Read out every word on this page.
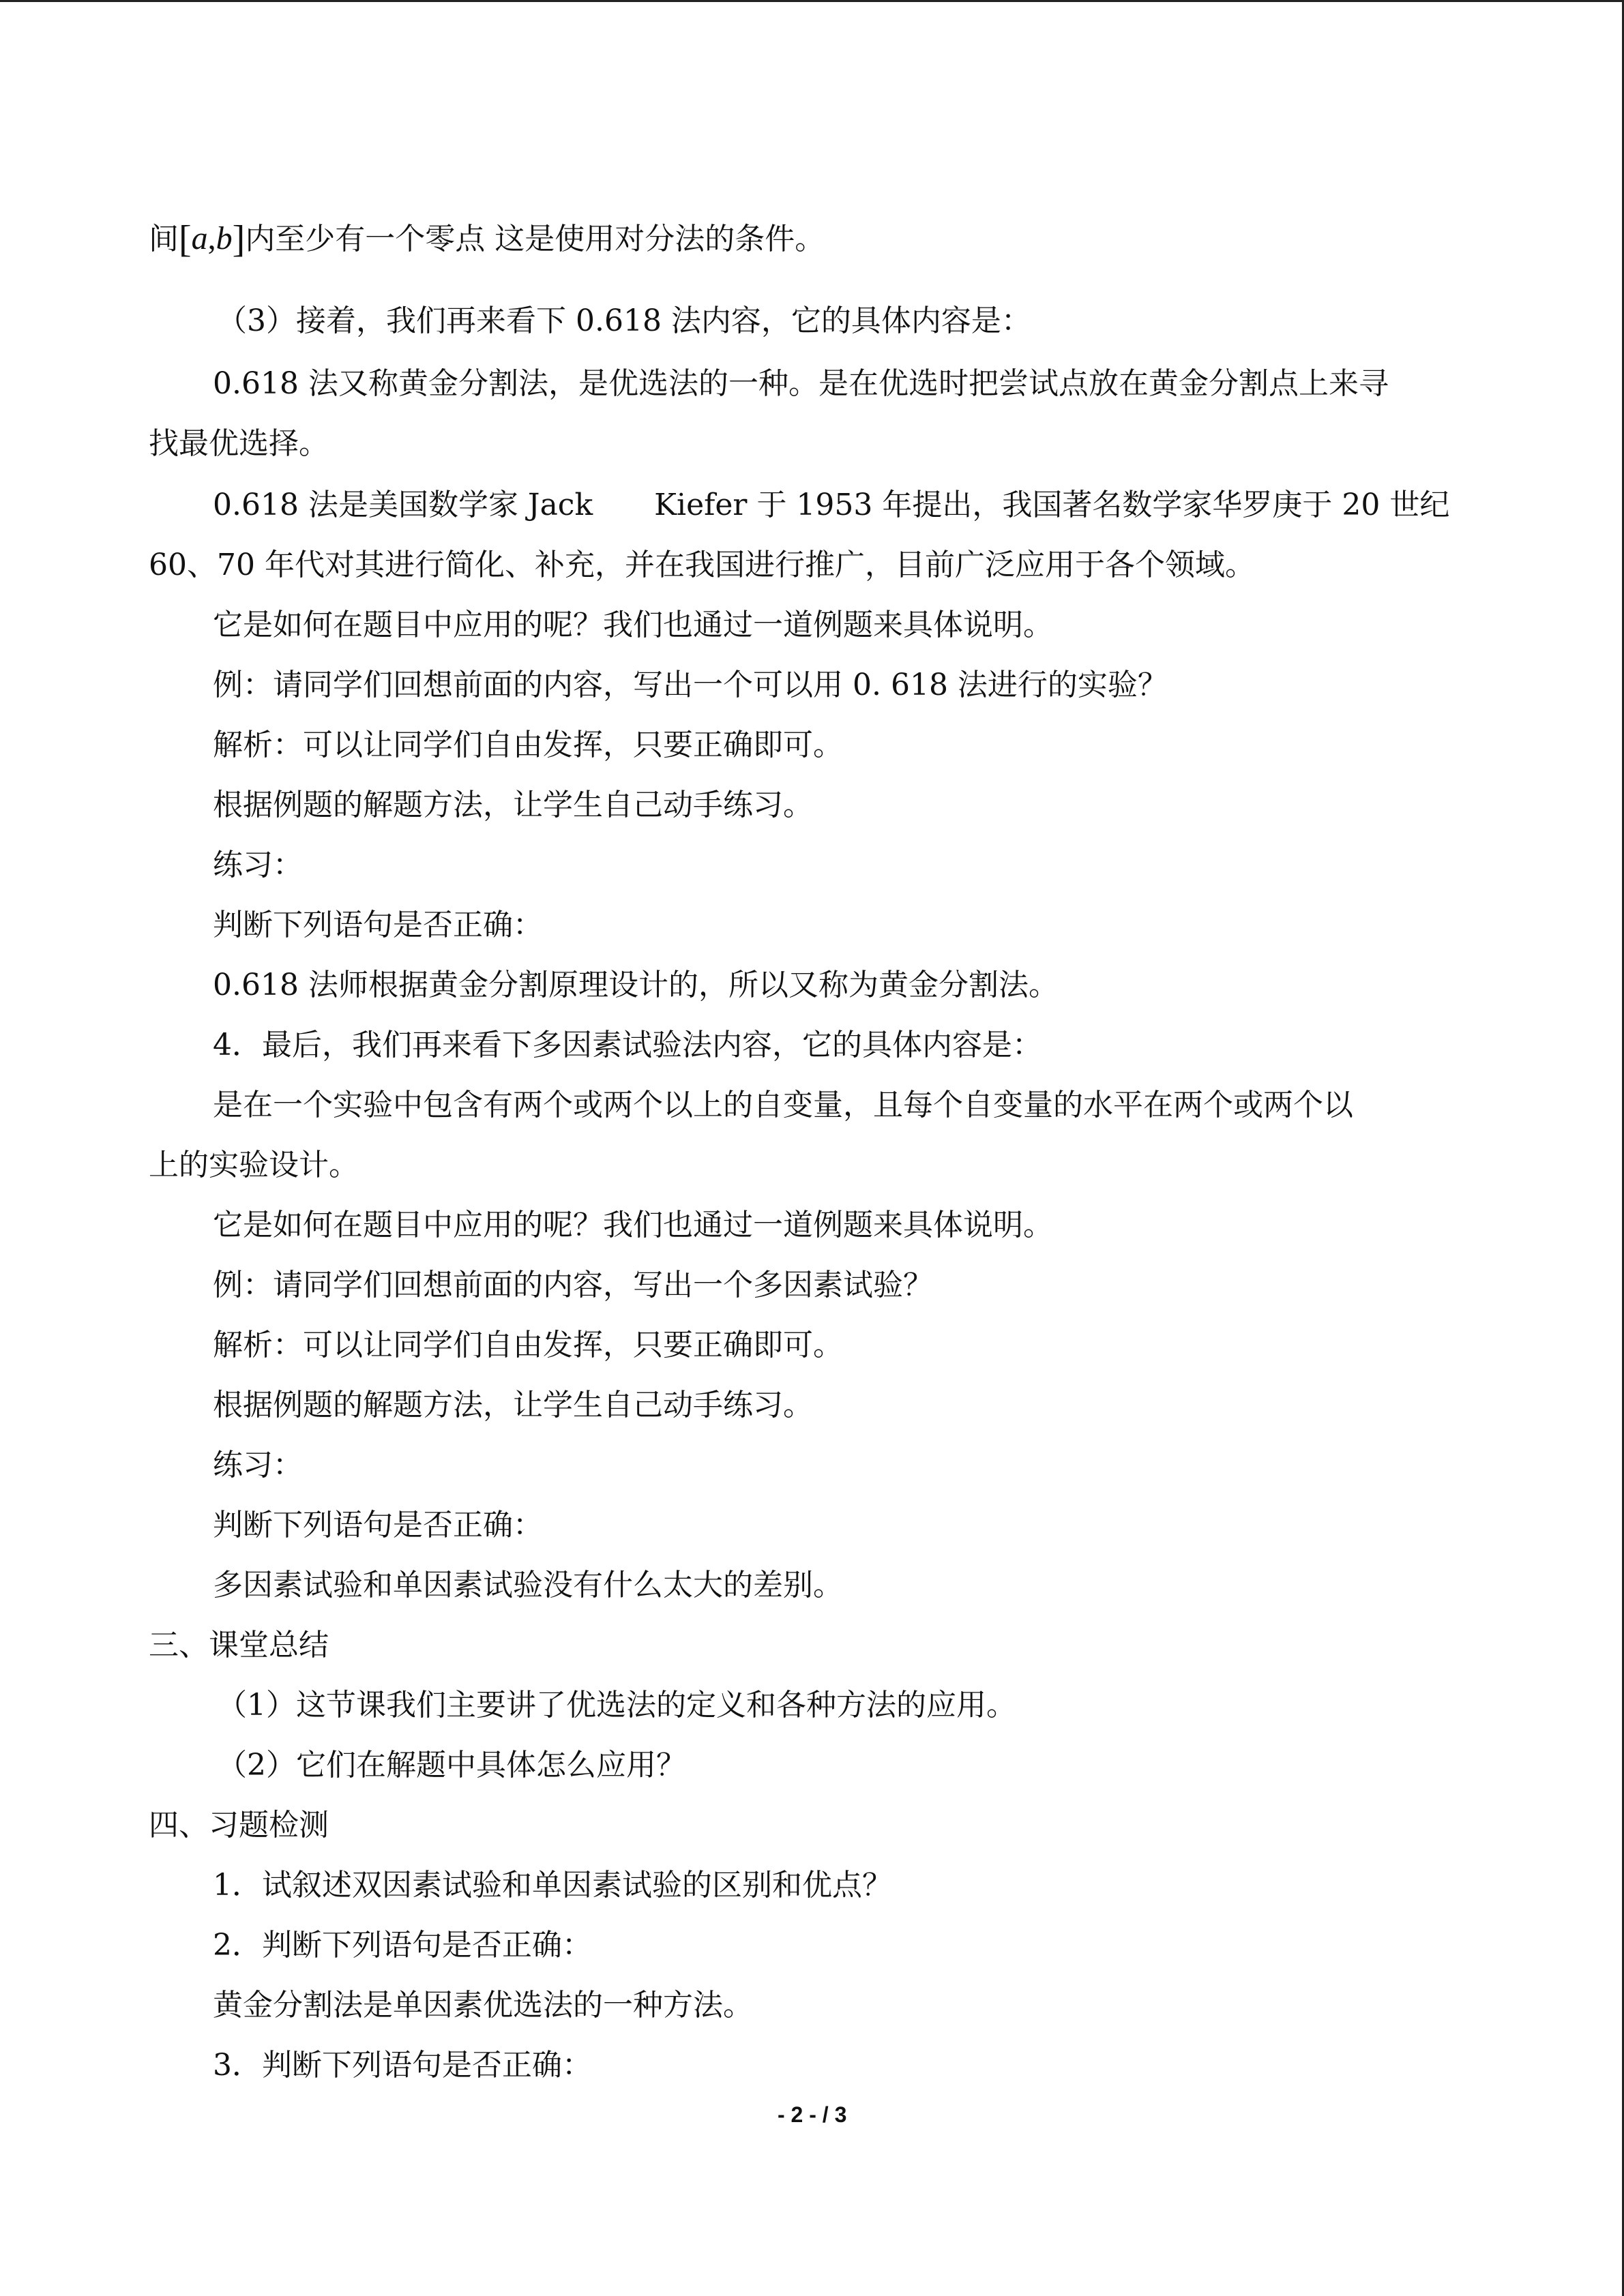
间[a,b]内至少有一个零点 这是使用对分法的条件。
（3）接着，我们再来看下 0.618 法内容，它的具体内容是：
0.618 法又称黄金分割法，是优选法的一种。是在优选时把尝试点放在黄金分割点上来寻
找最优选择。
0.618 法是美国数学家 Jack Kiefer 于 1953 年提出，我国著名数学家华罗庚于 20 世纪
60、70 年代对其进行简化、补充，并在我国进行推广，目前广泛应用于各个领域。
它是如何在题目中应用的呢？我们也通过一道例题来具体说明。
例：请同学们回想前面的内容，写出一个可以用 0. 618 法进行的实验？
解析：可以让同学们自由发挥，只要正确即可。
根据例题的解题方法，让学生自己动手练习。
练习：
判断下列语句是否正确：
0.618 法师根据黄金分割原理设计的，所以又称为黄金分割法。
4．最后，我们再来看下多因素试验法内容，它的具体内容是：
是在一个实验中包含有两个或两个以上的自变量，且每个自变量的水平在两个或两个以
上的实验设计。
它是如何在题目中应用的呢？我们也通过一道例题来具体说明。
例：请同学们回想前面的内容，写出一个多因素试验？
解析：可以让同学们自由发挥，只要正确即可。
根据例题的解题方法，让学生自己动手练习。
练习：
判断下列语句是否正确：
多因素试验和单因素试验没有什么太大的差别。
三、课堂总结
（1）这节课我们主要讲了优选法的定义和各种方法的应用。
（2）它们在解题中具体怎么应用？
四、习题检测
1．试叙述双因素试验和单因素试验的区别和优点？
2．判断下列语句是否正确：
黄金分割法是单因素优选法的一种方法。
3．判断下列语句是否正确：
- 2 - / 3
